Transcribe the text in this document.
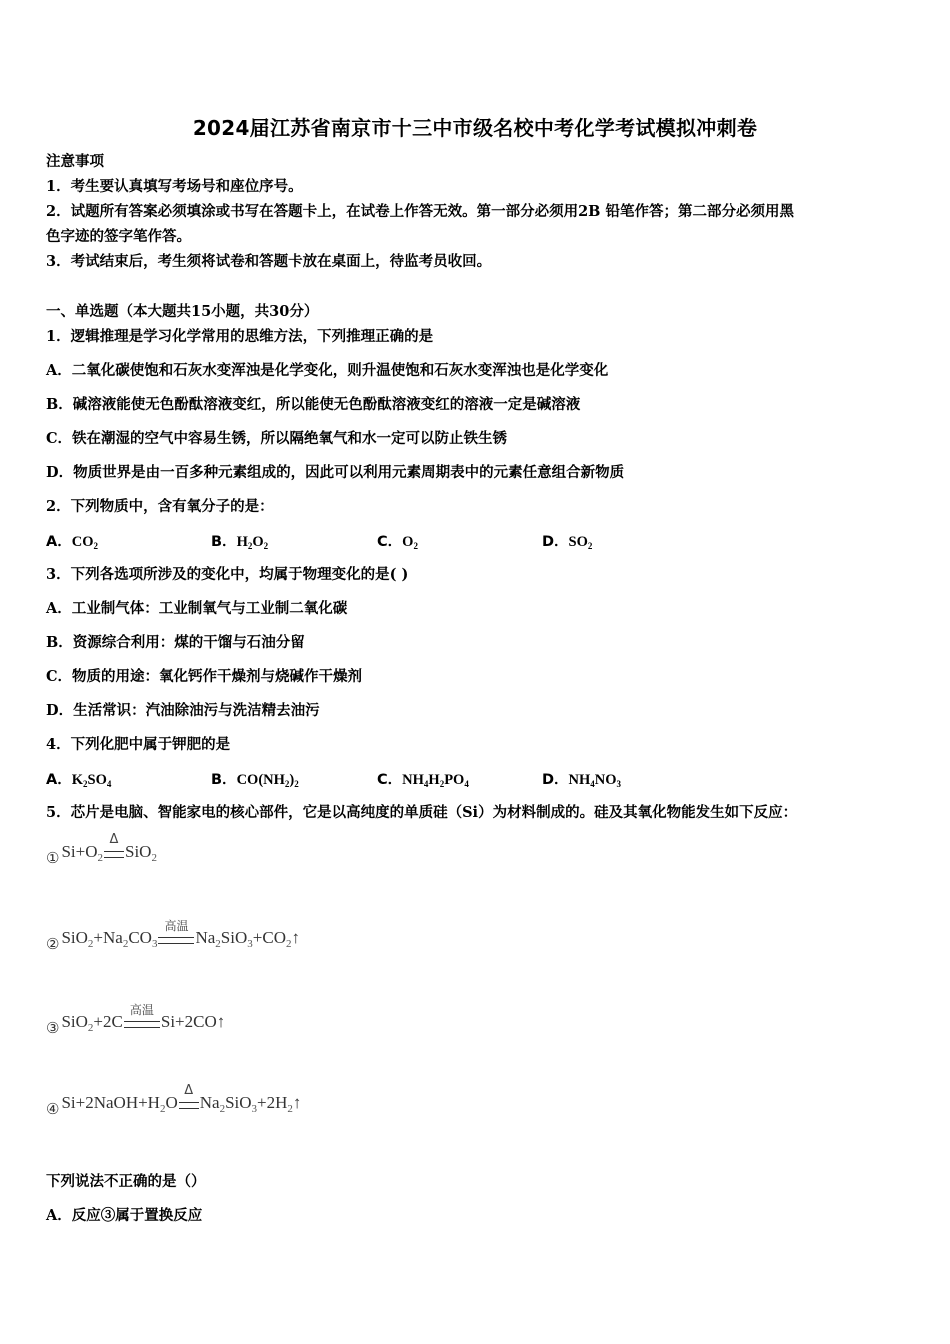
2024届江苏省南京市十三中市级名校中考化学考试模拟冲刺卷
注意事项
1．考生要认真填写考场号和座位序号。
2．试题所有答案必须填涂或书写在答题卡上，在试卷上作答无效。第一部分必须用2B 铅笔作答；第二部分必须用黑
色字迹的签字笔作答。
3．考试结束后，考生须将试卷和答题卡放在桌面上，待监考员收回。
一、单选题（本大题共15小题，共30分）
1．逻辑推理是学习化学常用的思维方法，下列推理正确的是
A．二氧化碳使饱和石灰水变浑浊是化学变化，则升温使饱和石灰水变浑浊也是化学变化
B．碱溶液能使无色酚酞溶液变红，所以能使无色酚酞溶液变红的溶液一定是碱溶液
C．铁在潮湿的空气中容易生锈，所以隔绝氧气和水一定可以防止铁生锈
D．物质世界是由一百多种元素组成的，因此可以利用元素周期表中的元素任意组合新物质
2．下列物质中，含有氧分子的是：
A．$CO_2$	B．$H_2O_2$	C．$O_2$	D．$SO_2$
3．下列各选项所涉及的变化中，均属于物理变化的是( )
A．工业制气体：工业制氧气与工业制二氧化碳
B．资源综合利用：煤的干馏与石油分留
C．物质的用途：氧化钙作干燥剂与烧碱作干燥剂
D．生活常识：汽油除油污与洗洁精去油污
4．下列化肥中属于钾肥的是
A．$K_2SO_4$	B．$CO(NH_2)_2$	C．$NH_4H_2PO_4$	D．$NH_4NO_3$
5．芯片是电脑、智能家电的核心部件，它是以高纯度的单质硅（Si）为材料制成的。硅及其氧化物能发生如下反应：
① $Si+O_2$
Δ
SiO$_2$
② $SiO_2+Na_2CO_3$
高温
$Na_2SiO_3+CO_2↑$
③ SiO$_2$+2C
高温
Si+2CO↑
④ $Si+2NaOH+H_2O$
Δ
$Na_2SiO_3+2H_2↑$
下列说法不正确的是（）
A．反应③属于置换反应
